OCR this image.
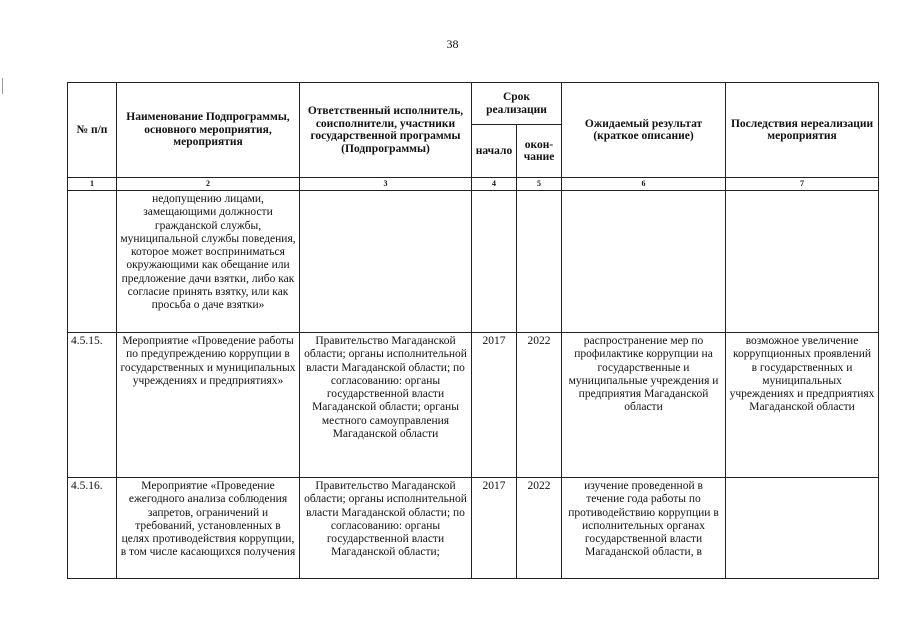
38
№ п/п	Наименование Подпрограммы, основного мероприятия, мероприятия	Ответственный исполнитель, соисполнители, участники государственной программы (Подпрограммы)	Срок реализации		Ожидаемый результат (краткое описание)	Последствия нереализации мероприятия
			начало	окон-чание		
1	2	3	4	5	6	7
	недопущению лицами, замещающими должности гражданской службы, муниципальной службы поведения, которое может восприниматься окружающими как обещание или предложение дачи взятки, либо как согласие принять взятку, или как просьба о даче взятки»					
4.5.15.	Мероприятие «Проведение работы по предупреждению коррупции в государственных и муниципальных учреждениях и предприятиях»	Правительство Магаданской области; органы исполнительной власти Магаданской области; по согласованию: органы государственной власти Магаданской области; органы местного самоуправления Магаданской области	2017	2022	распространение мер по профилактике коррупции на государственные и муниципальные учреждения и предприятия Магаданской области	возможное увеличение коррупционных проявлений в государственных и муниципальных учреждениях и предприятиях Магаданской области
4.5.16.	Мероприятие «Проведение ежегодного анализа соблюдения запретов, ограничений и требований, установленных в целях противодействия коррупции, в том числе касающихся получения	Правительство Магаданской области; органы исполнительной власти Магаданской области; по согласованию: органы государственной власти Магаданской области;	2017	2022	изучение проведенной в течение года работы по противодействию коррупции в исполнительных органах государственной власти Магаданской области, в	
